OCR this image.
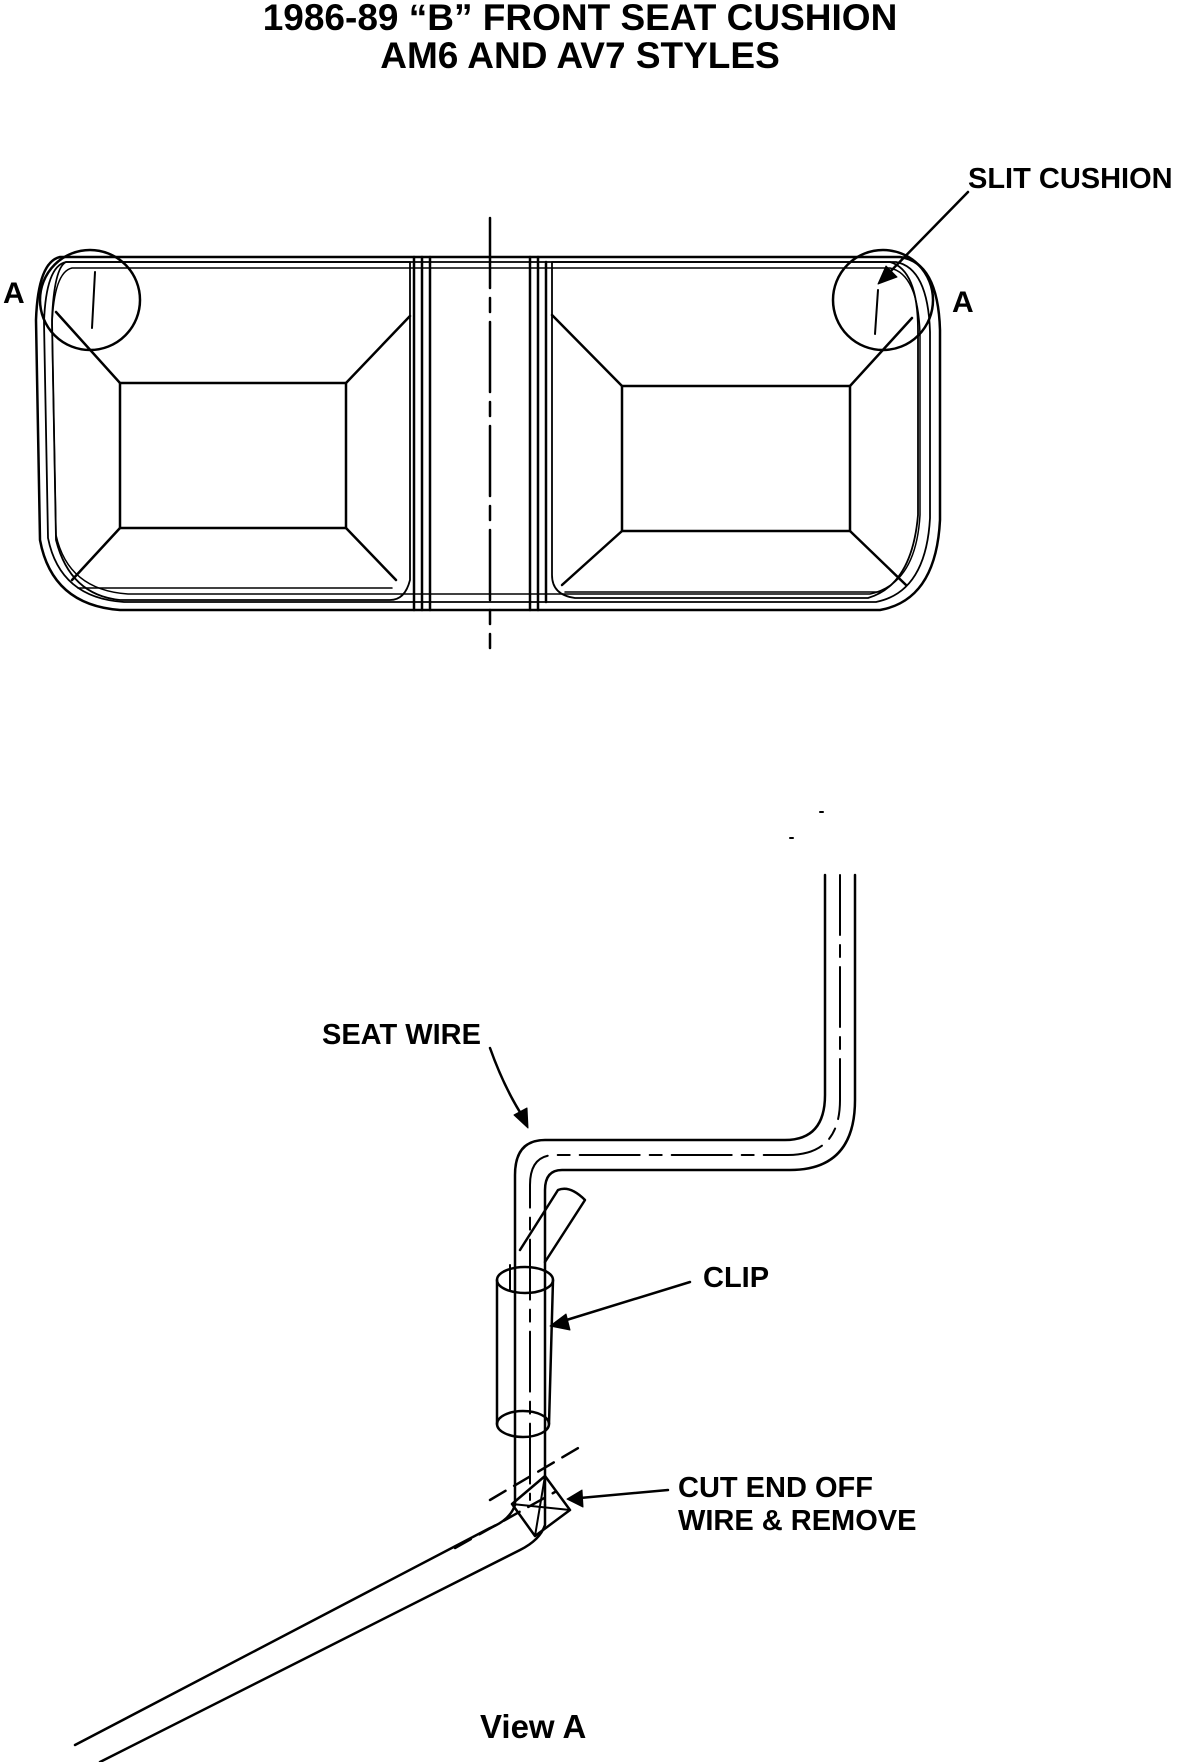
1986-89 “B” FRONT SEAT CUSHION
AM6 AND AV7 STYLES
A	A
SLIT CUSHION
SEAT WIRE
CLIP
CUT END OFF
WIRE & REMOVE
View A
